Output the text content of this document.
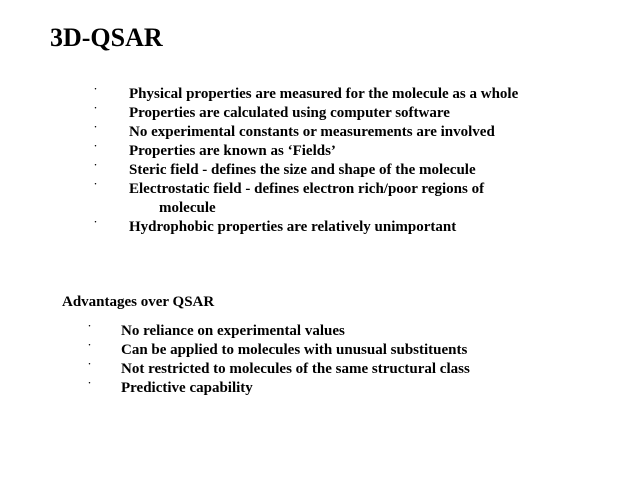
3D-QSAR
· Physical properties are measured for the molecule as a whole
· Properties are calculated using computer software
· No experimental constants or measurements are involved
· Properties are known as ‘Fields’
· Steric field - defines the size and shape of the molecule
· Electrostatic field - defines electron rich/poor regions of
molecule
· Hydrophobic properties are relatively unimportant
Advantages over QSAR
· No reliance on experimental values
· Can be applied to molecules with unusual substituents
· Not restricted to molecules of the same structural class
· Predictive capability
